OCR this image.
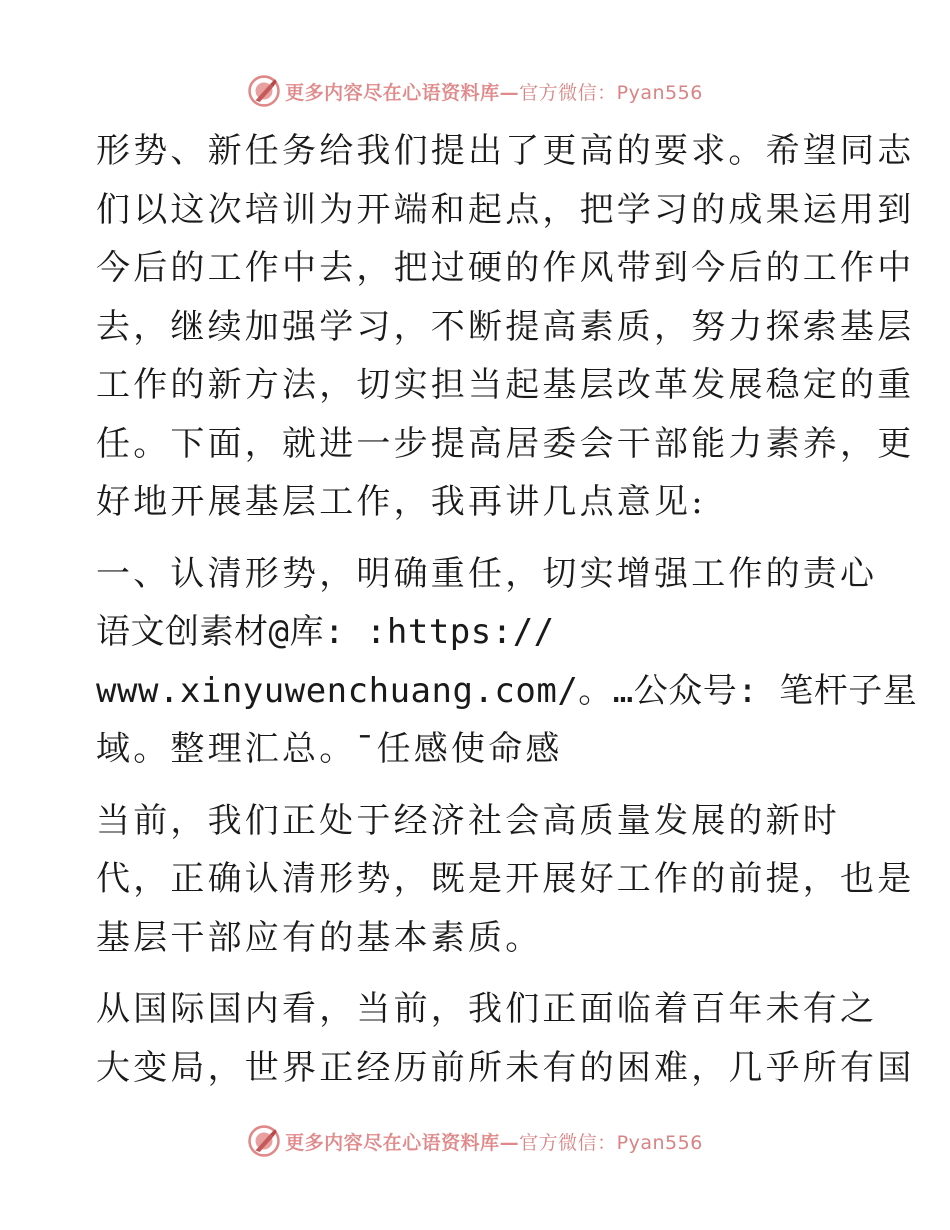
更多内容尽在心语资料库—官方微信：Pyan556

形势、新任务给我们提出了更高的要求。希望同志
们以这次培训为开端和起点，把学习的成果运用到
今后的工作中去，把过硬的作风带到今后的工作中
去，继续加强学习，不断提高素质，努力探索基层
工作的新方法，切实担当起基层改革发展稳定的重
任。下面，就进一步提高居委会干部能力素养，更
好地开展基层工作，我再讲几点意见:

一、认清形势，明确重任，切实增强工作的责心
语文创素材@库: :https://
www.xinyuwenchuang.com/。…公众号: 笔杆子星
域。整理汇总。¯任感使命感

当前，我们正处于经济社会高质量发展的新时
代，正确认清形势，既是开展好工作的前提，也是
基层干部应有的基本素质。

从国际国内看，当前，我们正面临着百年未有之
大变局，世界正经历前所未有的困难，几乎所有国

更多内容尽在心语资料库—官方微信：Pyan556
